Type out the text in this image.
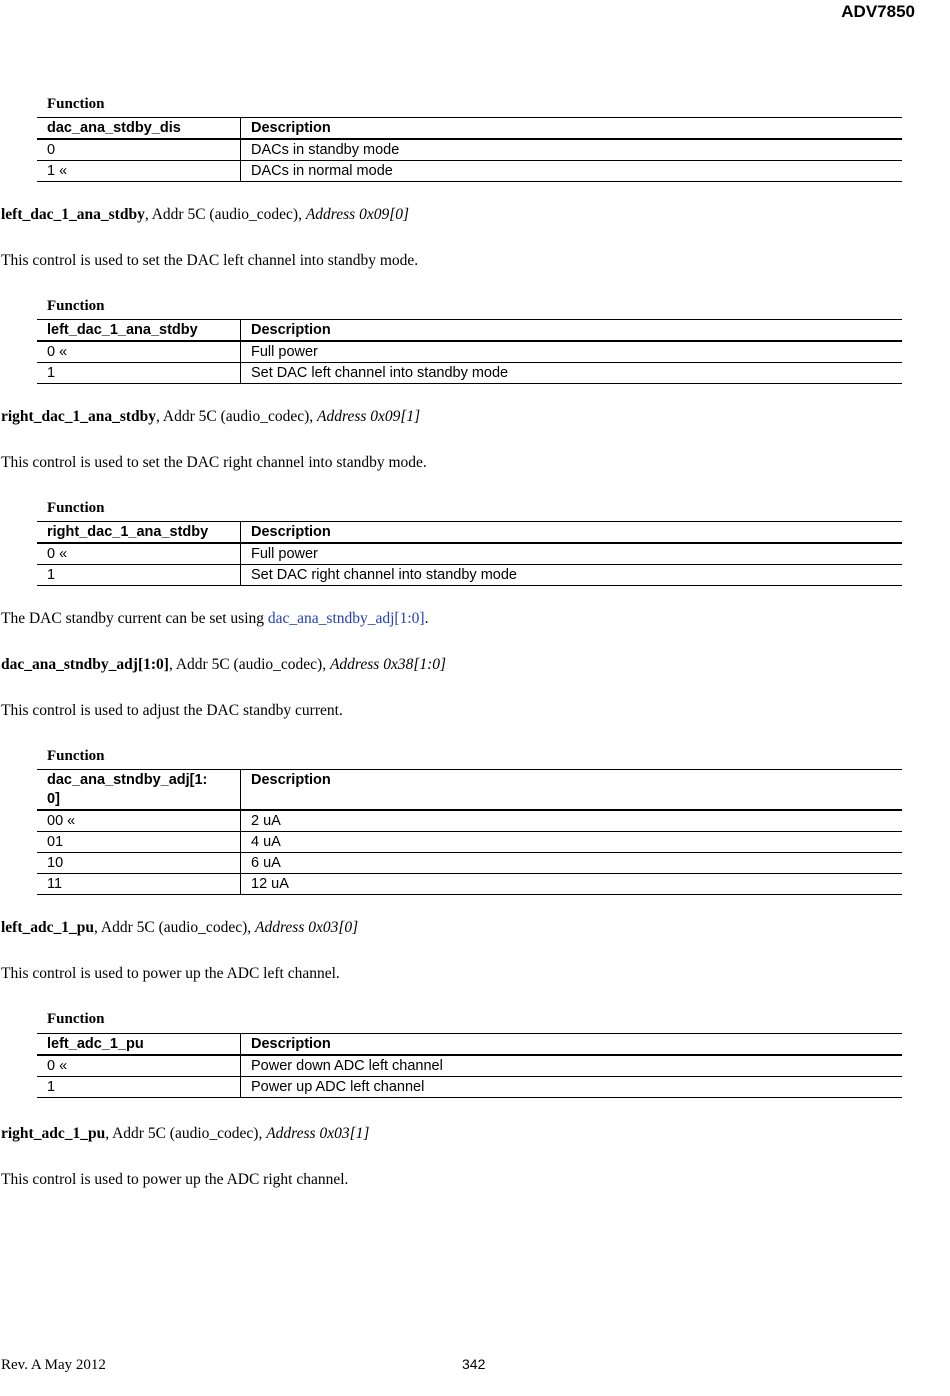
ADV7850
Function
dac_ana_stdby_dis	Description
0	DACs in standby mode
1 «	DACs in normal mode
left_dac_1_ana_stdby, Addr 5C (audio_codec), Address 0x09[0]
This control is used to set the DAC left channel into standby mode.
Function
left_dac_1_ana_stdby	Description
0 «	Full power
1	Set DAC left channel into standby mode
right_dac_1_ana_stdby, Addr 5C (audio_codec), Address 0x09[1]
This control is used to set the DAC right channel into standby mode.
Function
right_dac_1_ana_stdby	Description
0 «	Full power
1	Set DAC right channel into standby mode
The DAC standby current can be set using dac_ana_stndby_adj[1:0].
dac_ana_stndby_adj[1:0], Addr 5C (audio_codec), Address 0x38[1:0]
This control is used to adjust the DAC standby current.
Function
dac_ana_stndby_adj[1:
0]	Description
00 «	2 uA
01	4 uA
10	6 uA
11	12 uA
left_adc_1_pu, Addr 5C (audio_codec), Address 0x03[0]
This control is used to power up the ADC left channel.
Function
left_adc_1_pu	Description
0 «	Power down ADC left channel
1	Power up ADC left channel
right_adc_1_pu, Addr 5C (audio_codec), Address 0x03[1]
This control is used to power up the ADC right channel.
Rev. A May 2012	342
